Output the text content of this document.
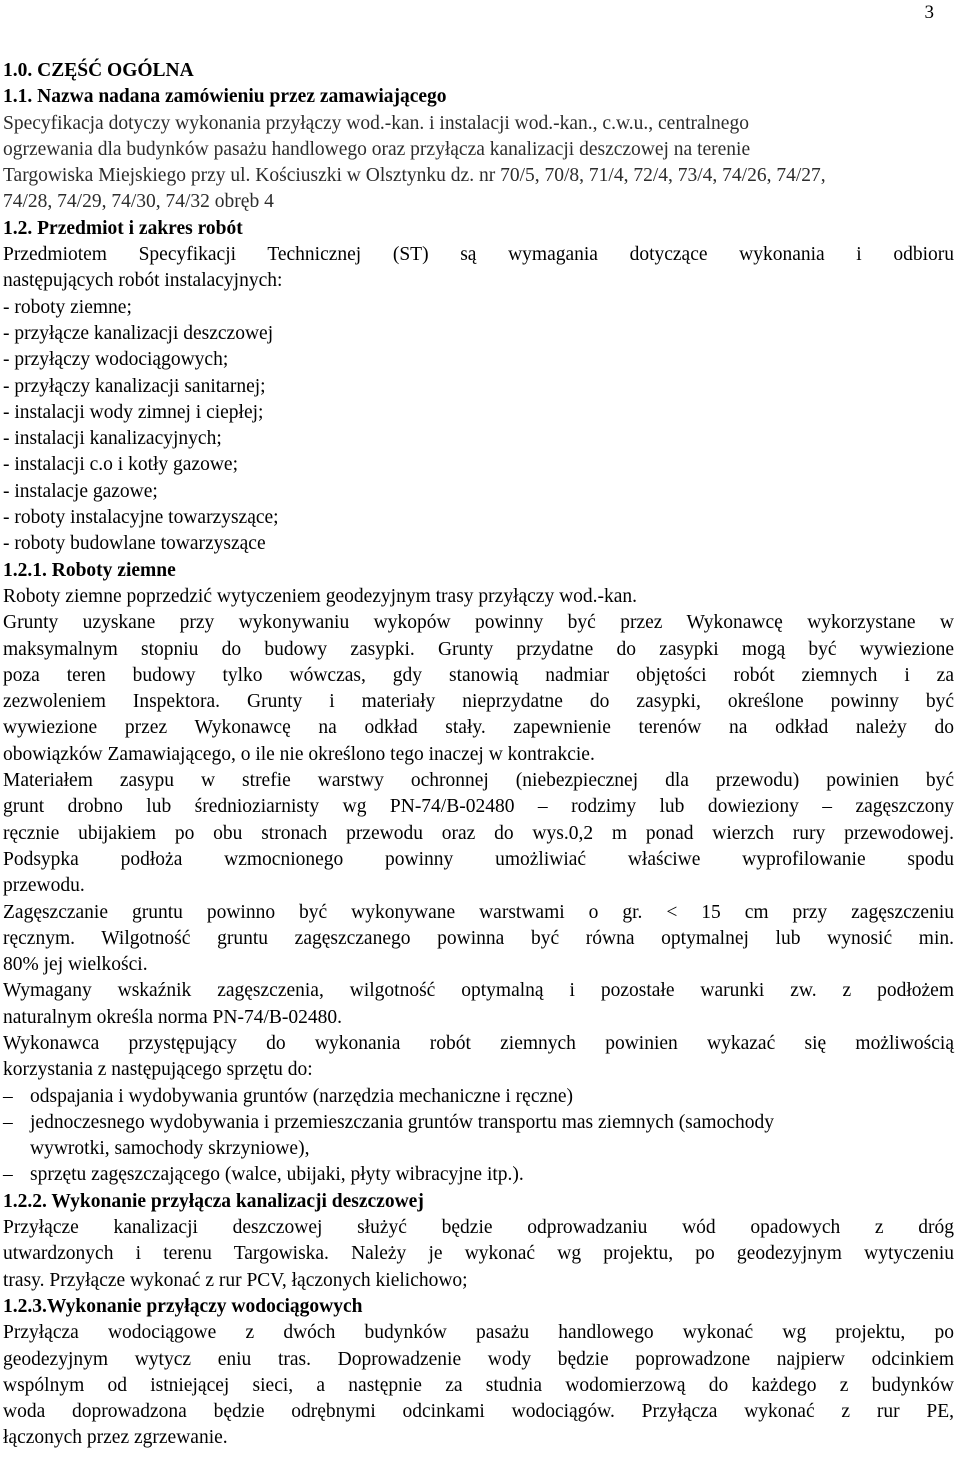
3
1.0. CZĘŚĆ OGÓLNA
1.1. Nazwa nadana zamówieniu przez zamawiającego
Specyfikacja dotyczy wykonania przyłączy wod.-kan. i instalacji wod.-kan., c.w.u., centralnego
ogrzewania dla budynków pasażu handlowego oraz przyłącza kanalizacji deszczowej na terenie
Targowiska Miejskiego przy ul. Kościuszki w Olsztynku dz. nr 70/5, 70/8, 71/4, 72/4, 73/4, 74/26, 74/27,
74/28, 74/29, 74/30, 74/32 obręb 4
1.2. Przedmiot i zakres robót
Przedmiotem Specyfikacji Technicznej (ST) są wymagania dotyczące wykonania i odbioru
następujących robót instalacyjnych:
- roboty ziemne;
- przyłącze kanalizacji deszczowej
- przyłączy wodociągowych;
- przyłączy kanalizacji sanitarnej;
- instalacji wody zimnej i ciepłej;
- instalacji kanalizacyjnych;
- instalacji c.o i kotły gazowe;
- instalacje gazowe;
- roboty instalacyjne towarzyszące;
- roboty budowlane towarzyszące
1.2.1. Roboty ziemne
Roboty ziemne poprzedzić wytyczeniem geodezyjnym trasy przyłączy wod.-kan.
Grunty uzyskane przy wykonywaniu wykopów powinny być przez Wykonawcę wykorzystane w
maksymalnym stopniu do budowy zasypki. Grunty przydatne do zasypki mogą być wywiezione
poza teren budowy tylko wówczas, gdy stanowią nadmiar objętości robót ziemnych i za
zezwoleniem Inspektora. Grunty i materiały nieprzydatne do zasypki, określone powinny być
wywiezione przez Wykonawcę na odkład stały. zapewnienie terenów na odkład należy do
obowiązków Zamawiającego, o ile nie określono tego inaczej w kontrakcie.
Materiałem zasypu w strefie warstwy ochronnej (niebezpiecznej dla przewodu) powinien być
grunt drobno lub średnioziarnisty wg PN-74/B-02480 – rodzimy lub dowieziony – zagęszczony
ręcznie ubijakiem po obu stronach przewodu oraz do wys.0,2 m ponad wierzch rury przewodowej.
Podsypka podłoża wzmocnionego powinny umożliwiać właściwe wyprofilowanie spodu
przewodu.
Zagęszczanie gruntu powinno być wykonywane warstwami o gr. < 15 cm przy zagęszczeniu
ręcznym. Wilgotność gruntu zagęszczanego powinna być równa optymalnej lub wynosić min.
80% jej wielkości.
Wymagany wskaźnik zagęszczenia, wilgotność optymalną i pozostałe warunki zw. z podłożem
naturalnym określa norma PN-74/B-02480.
Wykonawca przystępujący do wykonania robót ziemnych powinien wykazać się możliwością
korzystania z następującego sprzętu do:
– odspajania i wydobywania gruntów (narzędzia mechaniczne i ręczne)
– jednoczesnego wydobywania i przemieszczania gruntów transportu mas ziemnych (samochody
wywrotki, samochody skrzyniowe),
– sprzętu zagęszczającego (walce, ubijaki, płyty wibracyjne itp.).
1.2.2. Wykonanie przyłącza kanalizacji deszczowej
Przyłącze kanalizacji deszczowej służyć będzie odprowadzaniu wód opadowych z dróg
utwardzonych i terenu Targowiska. Należy je wykonać wg projektu, po geodezyjnym wytyczeniu
trasy. Przyłącze wykonać z rur PCV, łączonych kielichowo;
1.2.3.Wykonanie przyłączy wodociągowych
Przyłącza wodociągowe z dwóch budynków pasażu handlowego wykonać wg projektu, po
geodezyjnym wytycz eniu tras. Doprowadzenie wody będzie poprowadzone najpierw odcinkiem
wspólnym od istniejącej sieci, a następnie za studnia wodomierzową do każdego z budynków
woda doprowadzona będzie odrębnymi odcinkami wodociągów. Przyłącza wykonać z rur PE,
łączonych przez zgrzewanie.
